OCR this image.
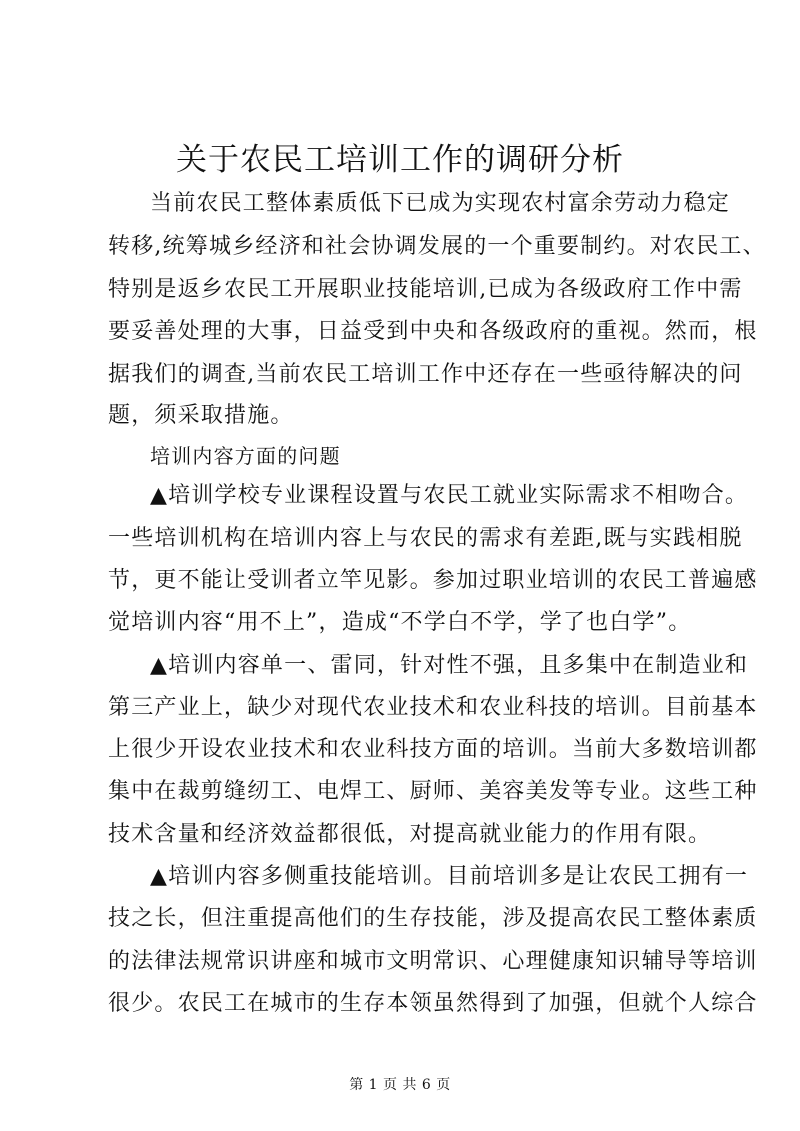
关于农民工培训工作的调研分析
当前农民工整体素质低下已成为实现农村富余劳动力稳定
转移,统筹城乡经济和社会协调发展的一个重要制约。对农民工、
特别是返乡农民工开展职业技能培训,已成为各级政府工作中需
要妥善处理的大事，日益受到中央和各级政府的重视。然而，根
据我们的调查,当前农民工培训工作中还存在一些亟待解决的问
题，须采取措施。
培训内容方面的问题
▲培训学校专业课程设置与农民工就业实际需求不相吻合。
一些培训机构在培训内容上与农民的需求有差距,既与实践相脱
节，更不能让受训者立竿见影。参加过职业培训的农民工普遍感
觉培训内容“用不上”，造成“不学白不学，学了也白学”。
▲培训内容单一、雷同，针对性不强，且多集中在制造业和
第三产业上，缺少对现代农业技术和农业科技的培训。目前基本
上很少开设农业技术和农业科技方面的培训。当前大多数培训都
集中在裁剪缝纫工、电焊工、厨师、美容美发等专业。这些工种
技术含量和经济效益都很低，对提高就业能力的作用有限。
▲培训内容多侧重技能培训。目前培训多是让农民工拥有一
技之长，但注重提高他们的生存技能，涉及提高农民工整体素质
的法律法规常识讲座和城市文明常识、心理健康知识辅导等培训
很少。农民工在城市的生存本领虽然得到了加强，但就个人综合
第 1 页 共 6 页
